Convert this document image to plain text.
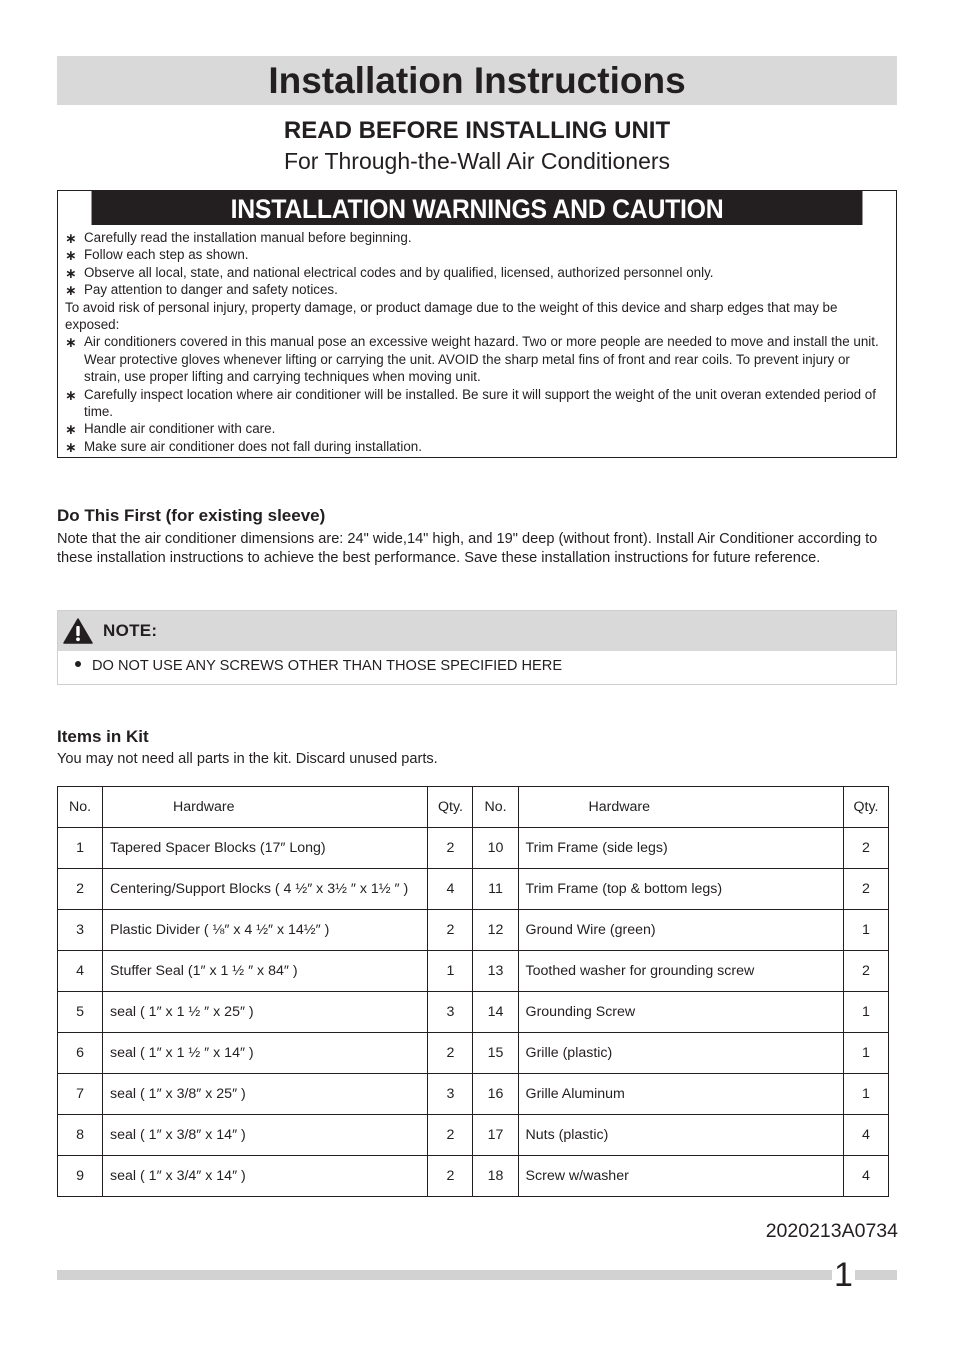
Installation Instructions
READ BEFORE INSTALLING UNIT
For Through-the-Wall Air Conditioners
INSTALLATION WARNINGS AND CAUTION
∗ Carefully read the installation manual before beginning.
∗ Follow each step as shown.
∗ Observe all local, state, and national electrical codes and by qualified, licensed, authorized personnel only.
∗ Pay attention to danger and safety notices.
To avoid risk of personal injury, property damage, or product damage due to the weight of this device and sharp edges that may be exposed:
∗ Air conditioners covered in this manual pose an excessive weight hazard. Two or more people are needed to move and install the unit. Wear protective gloves whenever lifting or carrying the unit. AVOID the sharp metal fins of front and rear coils. To prevent injury or strain, use proper lifting and carrying techniques when moving unit.
∗ Carefully inspect location where air conditioner will be installed. Be sure it will support the weight of the unit overan extended period of time.
∗ Handle air conditioner with care.
∗ Make sure air conditioner does not fall during installation.
Do This First (for existing sleeve)
Note that the air conditioner dimensions are: 24" wide,14" high, and 19" deep (without front). Install Air Conditioner according to these installation instructions to achieve the best performance. Save these installation instructions for future reference.
NOTE:
DO NOT USE ANY SCREWS OTHER THAN THOSE SPECIFIED HERE
Items in Kit
You may not need all parts in the kit. Discard unused parts.
No.	Hardware	Qty.	No.	Hardware	Qty.
1	Tapered Spacer Blocks (17″ Long)	2	10	Trim Frame (side legs)	2
2	Centering/Support Blocks ( 4 ½″ x 3½ ″ x 1½ ″ )	4	11	Trim Frame (top & bottom legs)	2
3	Plastic Divider ( ⅛″ x 4 ½″ x 14½″ )	2	12	Ground Wire (green)	1
4	Stuffer Seal (1″ x 1 ½ ″ x 84″ )	1	13	Toothed washer for grounding screw	2
5	seal ( 1″ x 1 ½ ″ x 25″ )	3	14	Grounding Screw	1
6	seal ( 1″ x 1 ½ ″ x 14″ )	2	15	Grille (plastic)	1
7	seal ( 1″ x 3/8″ x 25″ )	3	16	Grille Aluminum	1
8	seal ( 1″ x 3/8″ x 14″ )	2	17	Nuts (plastic)	4
9	seal ( 1″ x 3/4″ x 14″ )	2	18	Screw w/washer	4
2020213A0734
1
